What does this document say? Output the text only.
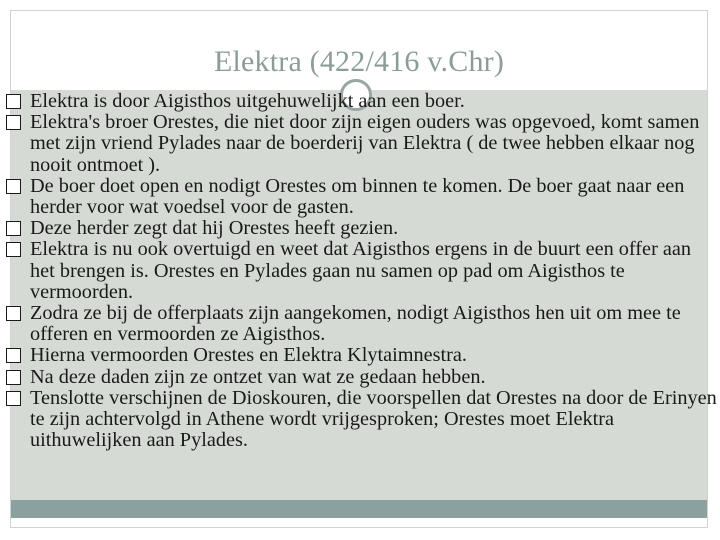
Elektra (422/416 v.Chr)
Elektra is door Aigisthos uitgehuwelijkt aan een boer.
Elektra's broer Orestes, die niet door zijn eigen ouders was opgevoed, komt samen met zijn vriend Pylades naar de boerderij van Elektra ( de twee hebben elkaar nog nooit ontmoet ).
De boer doet open en nodigt Orestes om binnen te komen. De boer gaat naar een herder voor wat voedsel voor de gasten.
Deze herder zegt dat hij Orestes heeft gezien.
Elektra is nu ook overtuigd en weet dat Aigisthos ergens in de buurt een offer aan het brengen is. Orestes en Pylades gaan nu samen op pad om Aigisthos te vermoorden.
Zodra ze bij de offerplaats zijn aangekomen, nodigt Aigisthos hen uit om mee te offeren en vermoorden ze Aigisthos.
Hierna vermoorden Orestes en Elektra Klytaimnestra.
Na deze daden zijn ze ontzet van wat ze gedaan hebben.
Tenslotte verschijnen de Dioskouren, die voorspellen dat Orestes na door de Erinyen te zijn achtervolgd in Athene wordt vrijgesproken; Orestes moet Elektra uithuwelijken aan Pylades.
